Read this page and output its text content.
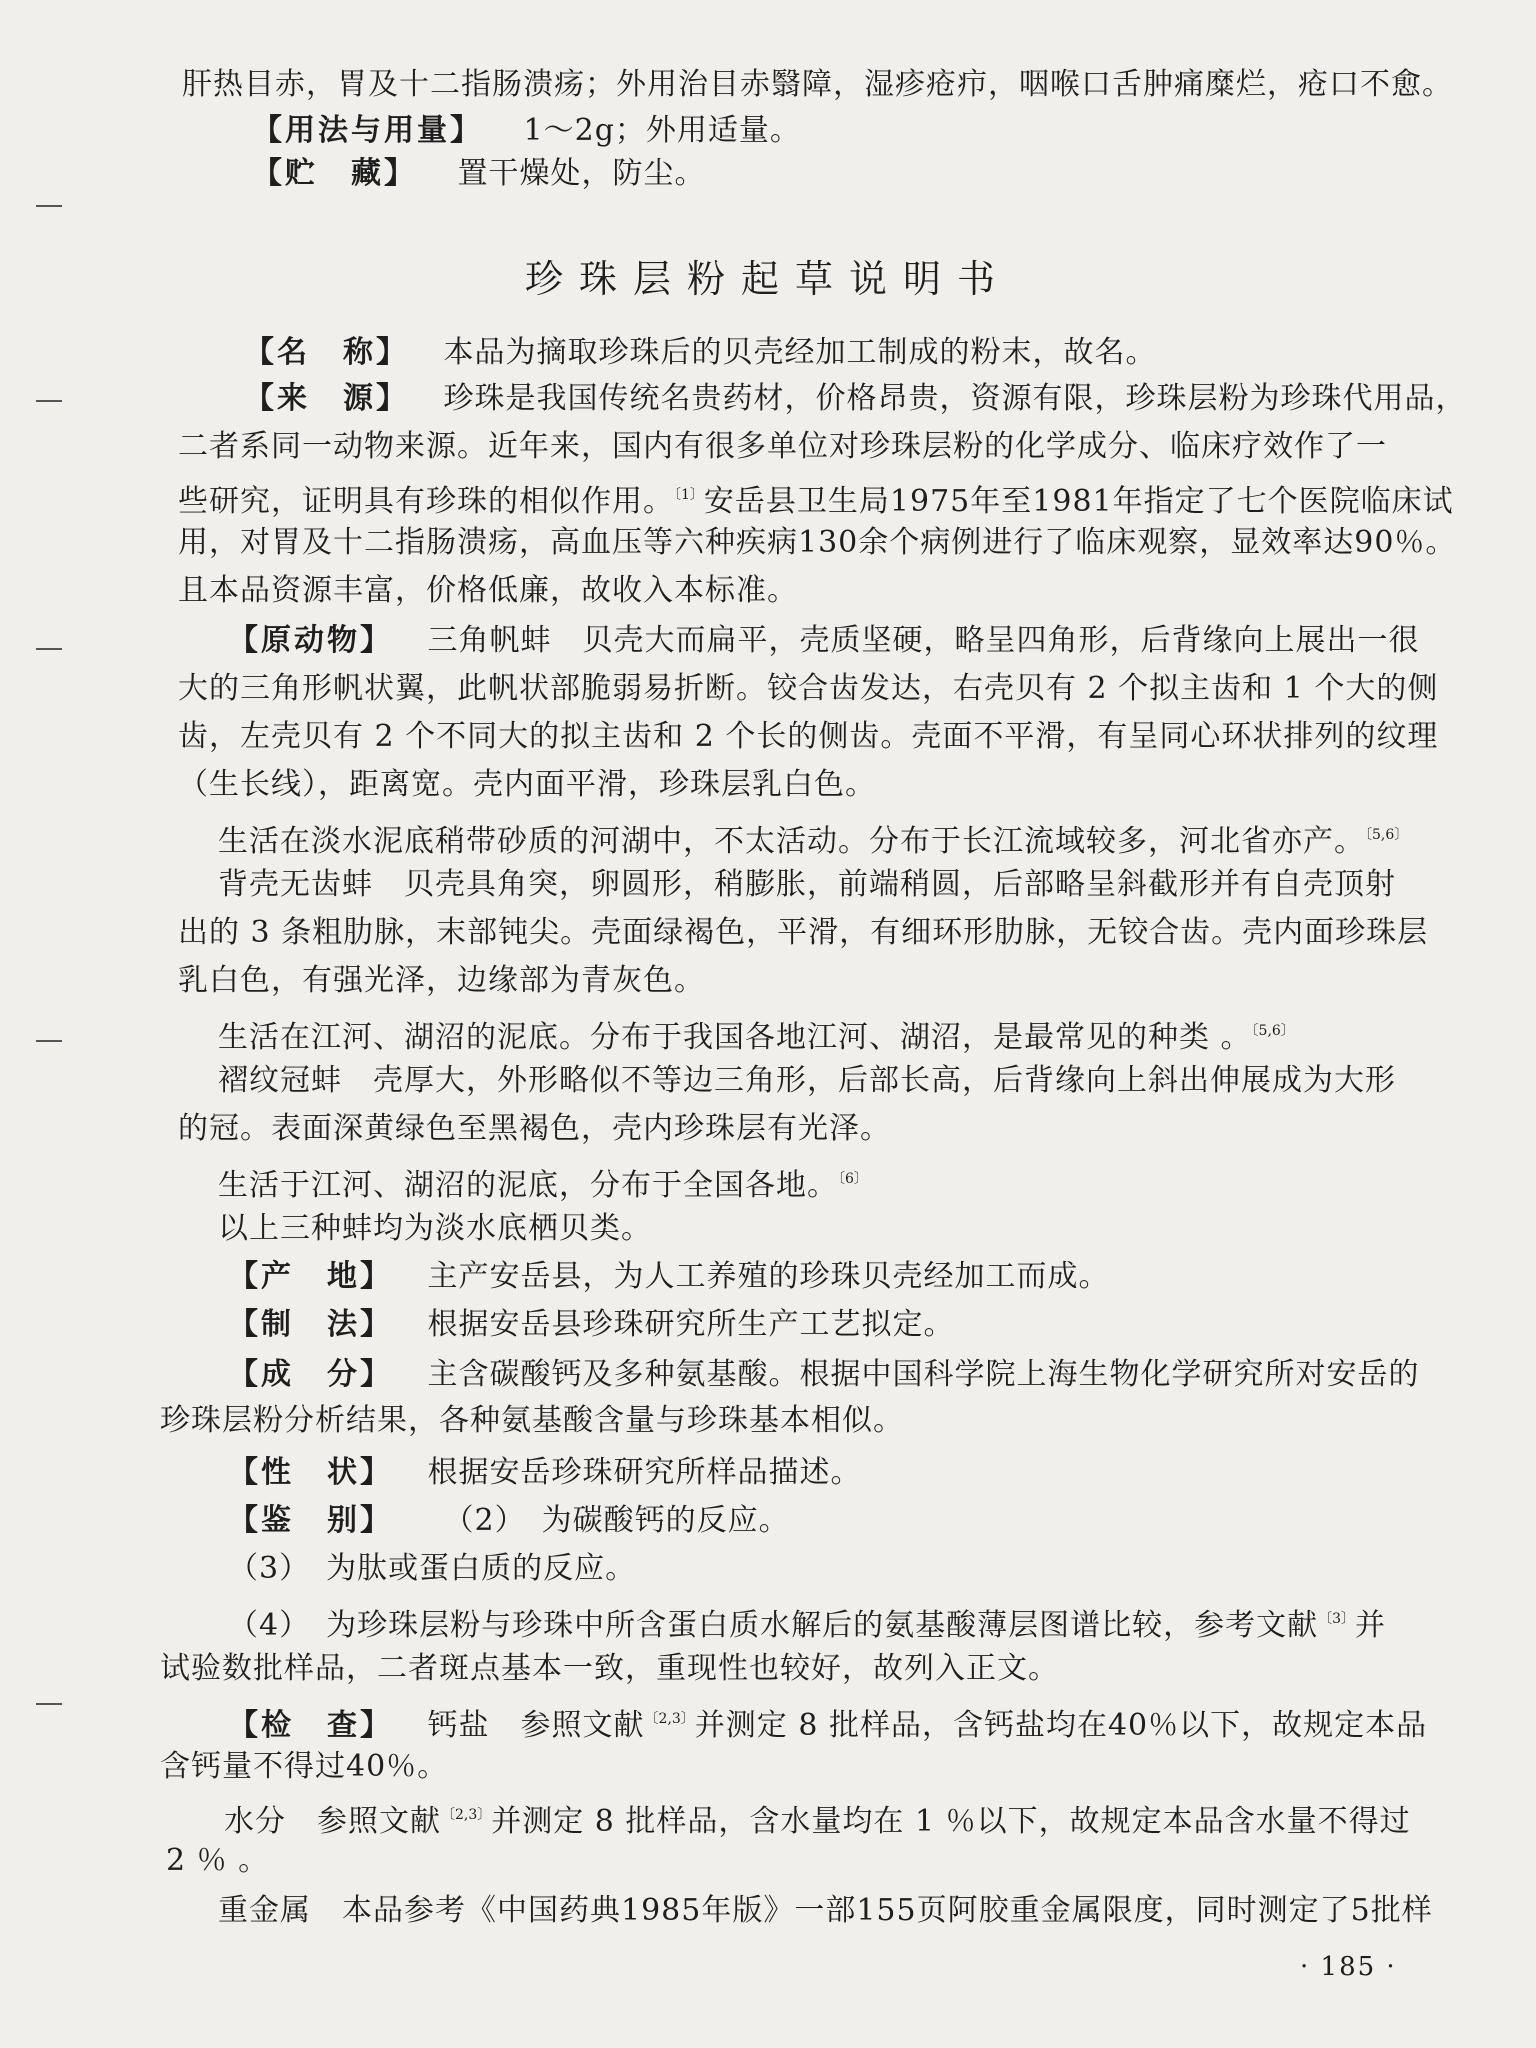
肝热目赤，胃及十二指肠溃疡；外用治目赤翳障，湿疹疮疖，咽喉口舌肿痛糜烂，疮口不愈。
【用法与用量】 1～2g；外用适量。
【贮　藏】 置干燥处，防尘。
珍珠层粉起草说明书
【名　称】 本品为摘取珍珠后的贝壳经加工制成的粉末，故名。
【来　源】 珍珠是我国传统名贵药材，价格昂贵，资源有限，珍珠层粉为珍珠代用品，
二者系同一动物来源。近年来，国内有很多单位对珍珠层粉的化学成分、临床疗效作了一
些研究，证明具有珍珠的相似作用。$^{〔1〕}$安岳县卫生局1975年至1981年指定了七个医院临床试
用，对胃及十二指肠溃疡，高血压等六种疾病130余个病例进行了临床观察，显效率达90％。
且本品资源丰富，价格低廉，故收入本标准。
【原动物】 三角帆蚌　贝壳大而扁平，壳质坚硬，略呈四角形，后背缘向上展出一很
大的三角形帆状翼，此帆状部脆弱易折断。铰合齿发达，右壳贝有 2 个拟主齿和 1 个大的侧
齿，左壳贝有 2 个不同大的拟主齿和 2 个长的侧齿。壳面不平滑，有呈同心环状排列的纹理
（生长线），距离宽。壳内面平滑，珍珠层乳白色。
生活在淡水泥底稍带砂质的河湖中，不太活动。分布于长江流域较多，河北省亦产。$^{〔5,6〕}$
背壳无齿蚌　贝壳具角突，卵圆形，稍膨胀，前端稍圆，后部略呈斜截形并有自壳顶射
出的 3 条粗肋脉，末部钝尖。壳面绿褐色，平滑，有细环形肋脉，无铰合齿。壳内面珍珠层
乳白色，有强光泽，边缘部为青灰色。
生活在江河、湖沼的泥底。分布于我国各地江河、湖沼，是最常见的种类 。$^{〔5,6〕}$
褶纹冠蚌　壳厚大，外形略似不等边三角形，后部长高，后背缘向上斜出伸展成为大形
的冠。表面深黄绿色至黑褐色，壳内珍珠层有光泽。
生活于江河、湖沼的泥底，分布于全国各地。$^{〔6〕}$
以上三种蚌均为淡水底栖贝类。
【产　地】 主产安岳县，为人工养殖的珍珠贝壳经加工而成。
【制　法】 根据安岳县珍珠研究所生产工艺拟定。
【成　分】 主含碳酸钙及多种氨基酸。根据中国科学院上海生物化学研究所对安岳的
珍珠层粉分析结果，各种氨基酸含量与珍珠基本相似。
【性　状】 根据安岳珍珠研究所样品描述。
【鉴　别】 （2）　为碳酸钙的反应。
（3）　为肽或蛋白质的反应。
（4）　为珍珠层粉与珍珠中所含蛋白质水解后的氨基酸薄层图谱比较，参考文献$^{〔3〕}$并
试验数批样品，二者斑点基本一致，重现性也较好，故列入正文。
【检　查】 钙盐　参照文献$^{〔2,3〕}$并测定 8 批样品，含钙盐均在40％以下，故规定本品
含钙量不得过40％。
水分　参照文献$^{〔2,3〕}$并测定 8 批样品，含水量均在 1 ％以下，故规定本品含水量不得过
2 ％ 。
重金属　本品参考《中国药典1985年版》一部155页阿胶重金属限度，同时测定了5批样
· 185 ·
